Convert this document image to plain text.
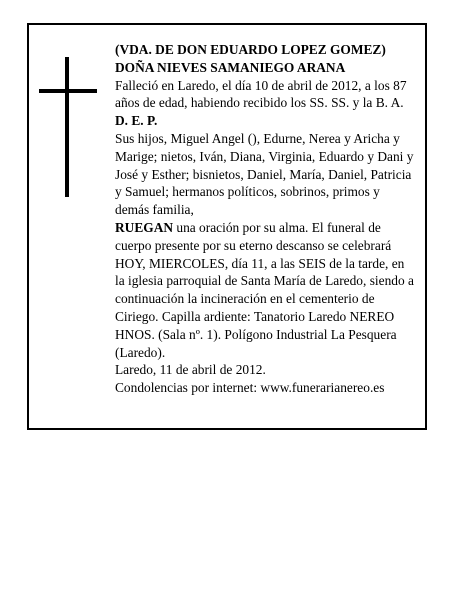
(VDA. DE DON EDUARDO LOPEZ GOMEZ)
DOÑA NIEVES SAMANIEGO ARANA
Falleció en Laredo, el día 10 de abril de 2012, a los 87
años de edad, habiendo recibido los SS. SS. y la B. A.
D. E. P.
Sus hijos, Miguel Angel (), Edurne, Nerea y Aricha y
Marige; nietos, Iván, Diana, Virginia, Eduardo y Dani y
José y Esther; bisnietos, Daniel, María, Daniel, Patricia
y Samuel; hermanos políticos, sobrinos, primos y
demás familia,
RUEGAN una oración por su alma. El funeral de
cuerpo presente por su eterno descanso se celebrará
HOY, MIERCOLES, día 11, a las SEIS de la tarde, en
la iglesia parroquial de Santa María de Laredo, siendo a
continuación la incineración en el cementerio de
Ciriego. Capilla ardiente: Tanatorio Laredo NEREO
HNOS. (Sala nº. 1). Polígono Industrial La Pesquera
(Laredo).
Laredo, 11 de abril de 2012.
Condolencias por internet: www.funerarianereo.es
